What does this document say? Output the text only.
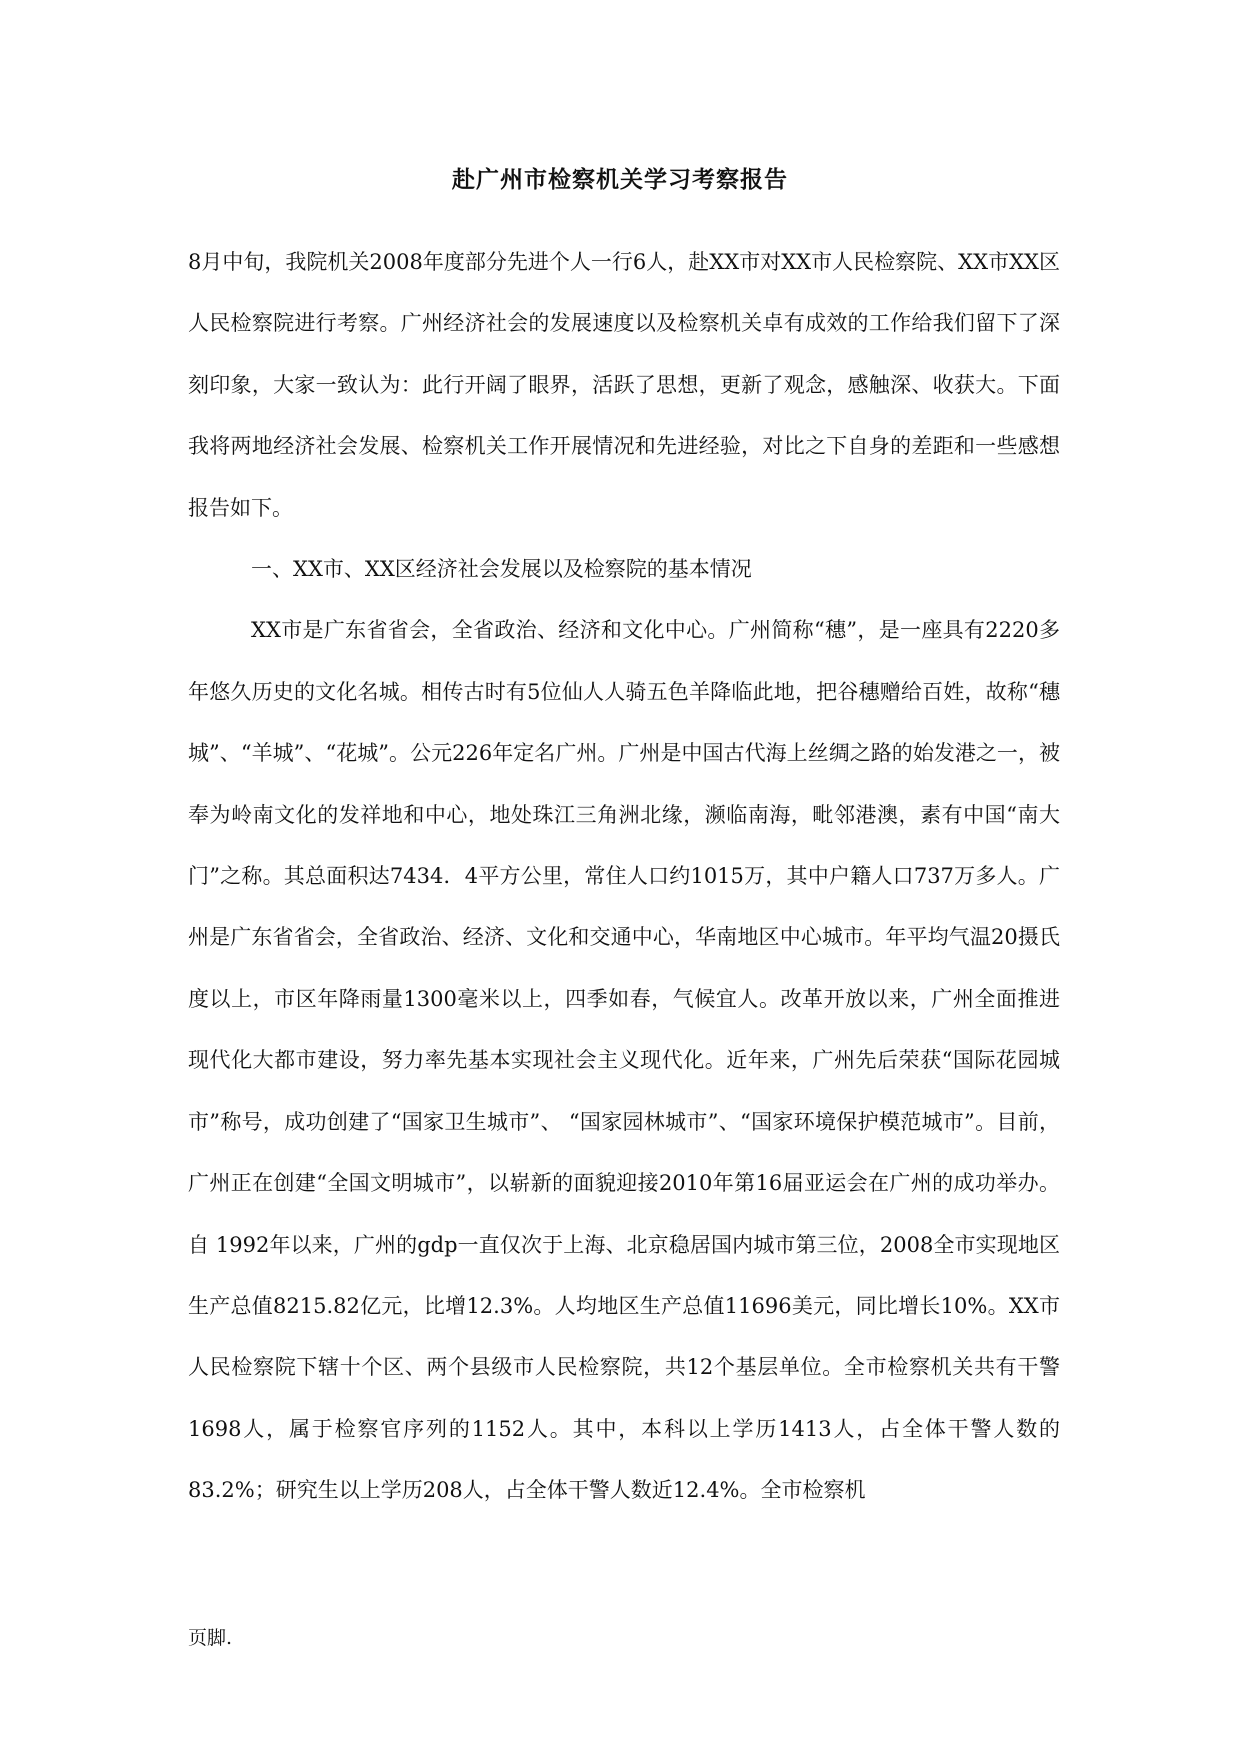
赴广州市检察机关学习考察报告

8月中旬，我院机关2008年度部分先进个人一行6人，赴XX市对XX市人民检察院、XX市XX区人民检察院进行考察。广州经济社会的发展速度以及检察机关卓有成效的工作给我们留下了深刻印象，大家一致认为：此行开阔了眼界，活跃了思想，更新了观念，感触深、收获大。下面我将两地经济社会发展、检察机关工作开展情况和先进经验，对比之下自身的差距和一些感想报告如下。

一、XX市、XX区经济社会发展以及检察院的基本情况

XX市是广东省省会，全省政治、经济和文化中心。广州简称“穗”，是一座具有2220多年悠久历史的文化名城。相传古时有5位仙人人骑五色羊降临此地，把谷穗赠给百姓，故称“穗城”、“羊城”、“花城”。公元226年定名广州。广州是中国古代海上丝绸之路的始发港之一，被奉为岭南文化的发祥地和中心，地处珠江三角洲北缘，濒临南海，毗邻港澳，素有中国“南大门”之称。其总面积达7434．4平方公里，常住人口约1015万，其中户籍人口737万多人。广州是广东省省会，全省政治、经济、文化和交通中心，华南地区中心城市。年平均气温20摄氏度以上，市区年降雨量1300毫米以上，四季如春，气候宜人。改革开放以来，广州全面推进现代化大都市建设，努力率先基本实现社会主义现代化。近年来，广州先后荣获“国际花园城市”称号，成功创建了“国家卫生城市”、 “国家园林城市”、“国家环境保护模范城市”。目前，广州正在创建“全国文明城市”，以崭新的面貌迎接2010年第16届亚运会在广州的成功举办。自 1992年以来，广州的gdp一直仅次于上海、北京稳居国内城市第三位，2008全市实现地区生产总值8215.82亿元，比增12.3%。人均地区生产总值11696美元，同比增长10%。XX市人民检察院下辖十个区、两个县级市人民检察院，共12个基层单位。全市检察机关共有干警1698人，属于检察官序列的1152人。其中，本科以上学历1413人，占全体干警人数的83.2%；研究生以上学历208人，占全体干警人数近12.4%。全市检察机

页脚.
